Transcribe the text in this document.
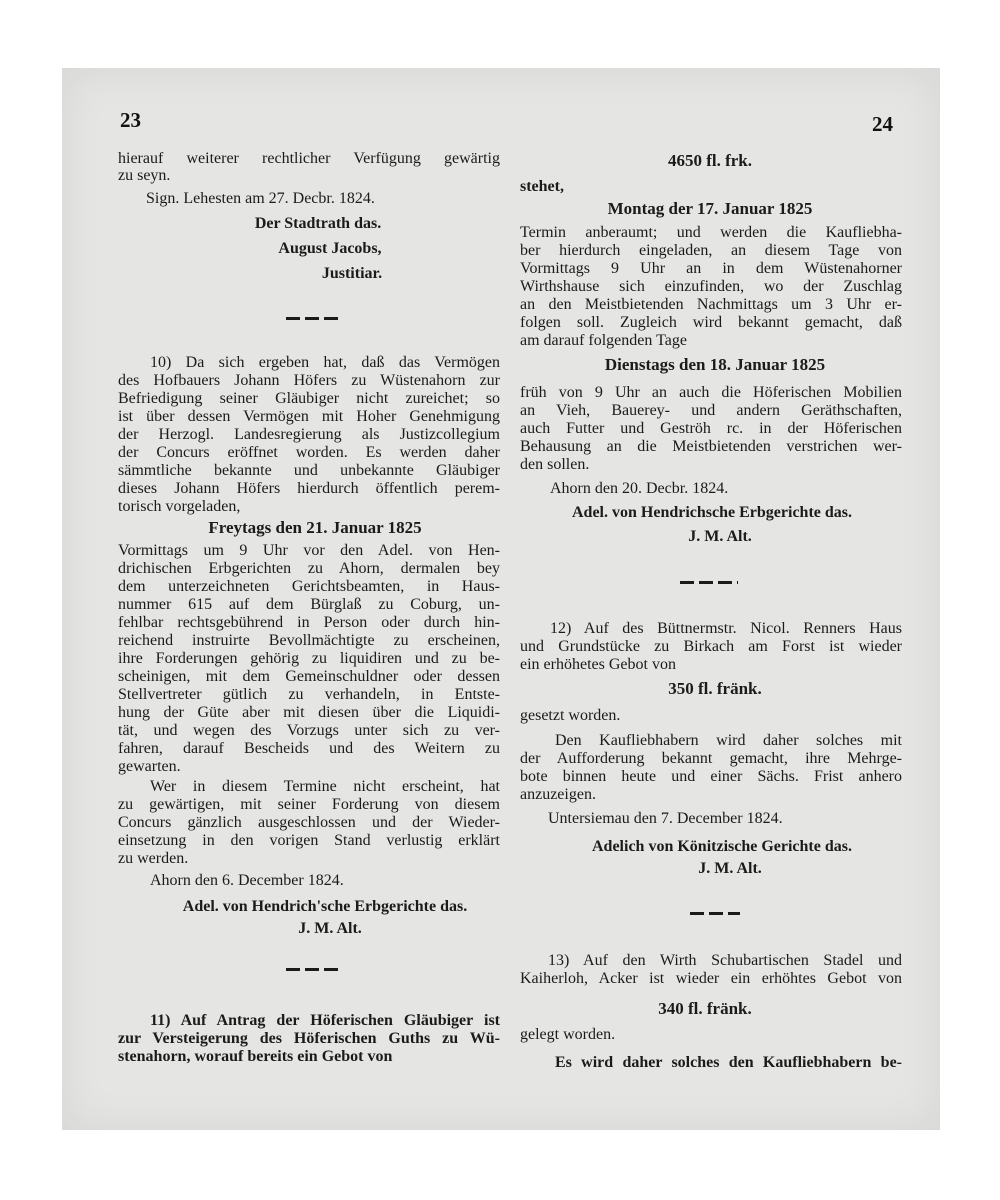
23	24
hierauf weiterer rechtlicher Verfügung gewärtig
zu seyn.
Sign. Lehesten am 27. Decbr. 1824.
Der Stadtrath das.
August Jacobs,
Justitiar.
10) Da sich ergeben hat, daß das Vermögen
des Hofbauers Johann Höfers zu Wüstenahorn zur
Befriedigung seiner Gläubiger nicht zureichet; so
ist über dessen Vermögen mit Hoher Genehmigung
der Herzogl. Landesregierung als Justizcollegium
der Concurs eröffnet worden. Es werden daher
sämmtliche bekannte und unbekannte Gläubiger
dieses Johann Höfers hierdurch öffentlich perem-
torisch vorgeladen,
Freytags den 21. Januar 1825
Vormittags um 9 Uhr vor den Adel. von Hen-
drichischen Erbgerichten zu Ahorn, dermalen bey
dem unterzeichneten Gerichtsbeamten, in Haus-
nummer 615 auf dem Bürglaß zu Coburg, un-
fehlbar rechtsgebührend in Person oder durch hin-
reichend instruirte Bevollmächtigte zu erscheinen,
ihre Forderungen gehörig zu liquidiren und zu be-
scheinigen, mit dem Gemeinschuldner oder dessen
Stellvertreter gütlich zu verhandeln, in Entste-
hung der Güte aber mit diesen über die Liquidi-
tät, und wegen des Vorzugs unter sich zu ver-
fahren, darauf Bescheids und des Weitern zu
gewarten.
Wer in diesem Termine nicht erscheint, hat
zu gewärtigen, mit seiner Forderung von diesem
Concurs gänzlich ausgeschlossen und der Wieder-
einsetzung in den vorigen Stand verlustig erklärt
zu werden.
Ahorn den 6. December 1824.
Adel. von Hendrich'sche Erbgerichte das.
J. M. Alt.
11) Auf Antrag der Höferischen Gläubiger ist
zur Versteigerung des Höferischen Guths zu Wü-
stenahorn, worauf bereits ein Gebot von
4650 fl. frk.
stehet,
Montag der 17. Januar 1825
Termin anberaumt; und werden die Kaufliebha-
ber hierdurch eingeladen, an diesem Tage von
Vormittags 9 Uhr an in dem Wüstenahorner
Wirthshause sich einzufinden, wo der Zuschlag
an den Meistbietenden Nachmittags um 3 Uhr er-
folgen soll. Zugleich wird bekannt gemacht, daß
am darauf folgenden Tage
Dienstags den 18. Januar 1825
früh von 9 Uhr an auch die Höferischen Mobilien
an Vieh, Bauerey- und andern Geräthschaften,
auch Futter und Geströh rc. in der Höferischen
Behausung an die Meistbietenden verstrichen wer-
den sollen.
Ahorn den 20. Decbr. 1824.
Adel. von Hendrichsche Erbgerichte das.
J. M. Alt.
12) Auf des Büttnermstr. Nicol. Renners Haus
und Grundstücke zu Birkach am Forst ist wieder
ein erhöhetes Gebot von
350 fl. fränk.
gesetzt worden.
Den Kaufliebhabern wird daher solches mit
der Aufforderung bekannt gemacht, ihre Mehrge-
bote binnen heute und einer Sächs. Frist anhero
anzuzeigen.
Untersiemau den 7. December 1824.
Adelich von Könitzische Gerichte das.
J. M. Alt.
13) Auf den Wirth Schubartischen Stadel und
Kaiherloh, Acker ist wieder ein erhöhtes Gebot von
340 fl. fränk.
gelegt worden.
Es wird daher solches den Kaufliebhabern be-
